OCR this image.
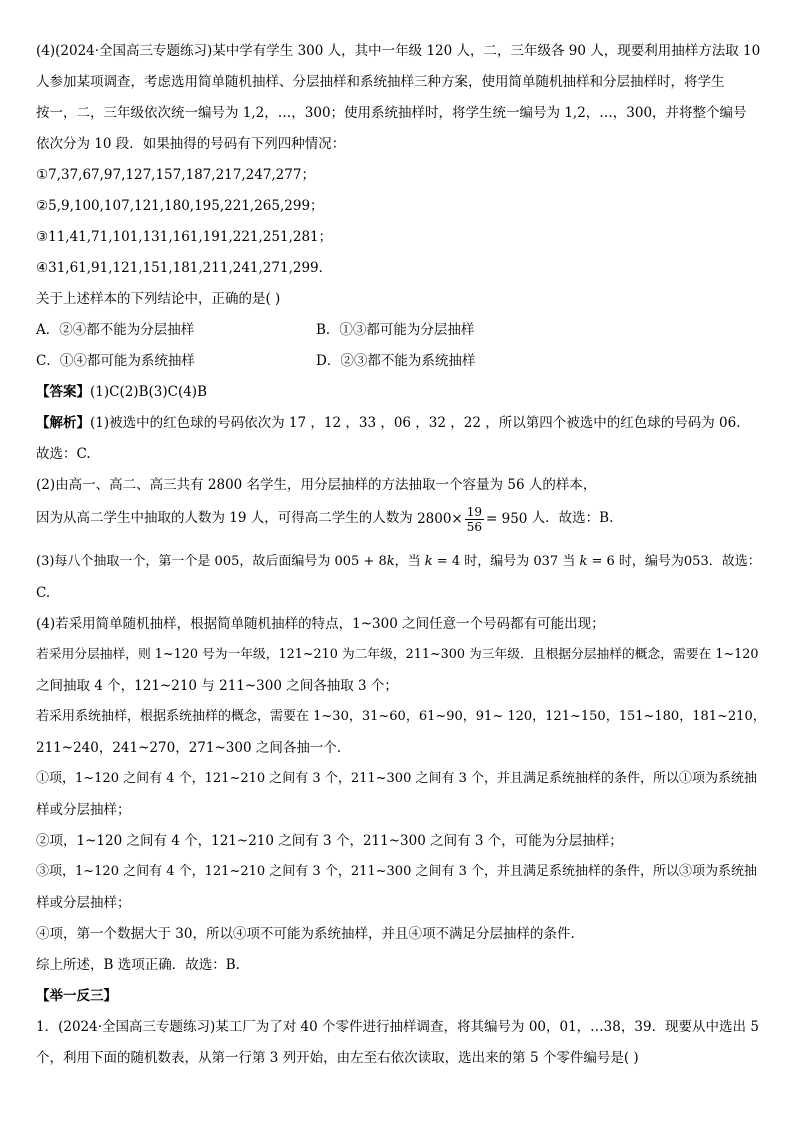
(4)(2024·全国高三专题练习)某中学有学生 300 人，其中一年级 120 人，二，三年级各 90 人，现要利用抽样方法取 10
人参加某项调查，考虑选用简单随机抽样、分层抽样和系统抽样三种方案，使用简单随机抽样和分层抽样时，将学生
按一，二，三年级依次统一编号为 1,2，…，300；使用系统抽样时，将学生统一编号为 1,2，…，300，并将整个编号
依次分为 10 段．如果抽得的号码有下列四种情况：
①7,37,67,97,127,157,187,217,247,277；
②5,9,100,107,121,180,195,221,265,299；
③11,41,71,101,131,161,191,221,251,281；
④31,61,91,121,151,181,211,241,271,299．
关于上述样本的下列结论中，正确的是( )
A．②④都不能为分层抽样	B．①③都可能为分层抽样
C．①④都可能为系统抽样	D．②③都不能为系统抽样
【答案】(1)C(2)B(3)C(4)B
【解析】(1)被选中的红色球的号码依次为 17 ，12 ，33 ，06 ，32 ，22 ，所以第四个被选中的红色球的号码为 06．
故选：C.
(2)由高一、高二、高三共有 2800 名学生，用分层抽样的方法抽取一个容量为 56 人的样本，
因为从高二学生中抽取的人数为 19 人，可得高二学生的人数为 $2800\times \frac{19}{56} = 950$ 人．故选：B.
(3)每八个抽取一个，第一个是 005，故后面编号为 005 + 8k，当 k = 4 时，编号为 037 当 k = 6 时，编号为053．故选：
C.
(4)若采用简单随机抽样，根据简单随机抽样的特点，1~300 之间任意一个号码都有可能出现；
若采用分层抽样，则 1~120 号为一年级，121~210 为二年级，211~300 为三年级．且根据分层抽样的概念，需要在 1~120
之间抽取 4 个，121~210 与 211~300 之间各抽取 3 个；
若采用系统抽样，根据系统抽样的概念，需要在 1~30，31~60，61~90，91~ 120，121~150，151~180，181~210，
211~240，241~270，271~300 之间各抽一个．
①项，1~120 之间有 4 个，121~210 之间有 3 个，211~300 之间有 3 个，并且满足系统抽样的条件，所以①项为系统抽
样或分层抽样；
②项，1~120 之间有 4 个，121~210 之间有 3 个，211~300 之间有 3 个，可能为分层抽样；
③项，1~120 之间有 4 个，121~210 之间有 3 个，211~300 之间有 3 个，并且满足系统抽样的条件，所以③项为系统抽
样或分层抽样；
④项，第一个数据大于 30，所以④项不可能为系统抽样，并且④项不满足分层抽样的条件.
综上所述，B 选项正确．故选：B.
【举一反三】
1．(2024·全国高三专题练习)某工厂为了对 40 个零件进行抽样调查，将其编号为 00，01，…38，39．现要从中选出 5
个，利用下面的随机数表，从第一行第 3 列开始，由左至右依次读取，选出来的第 5 个零件编号是( )
